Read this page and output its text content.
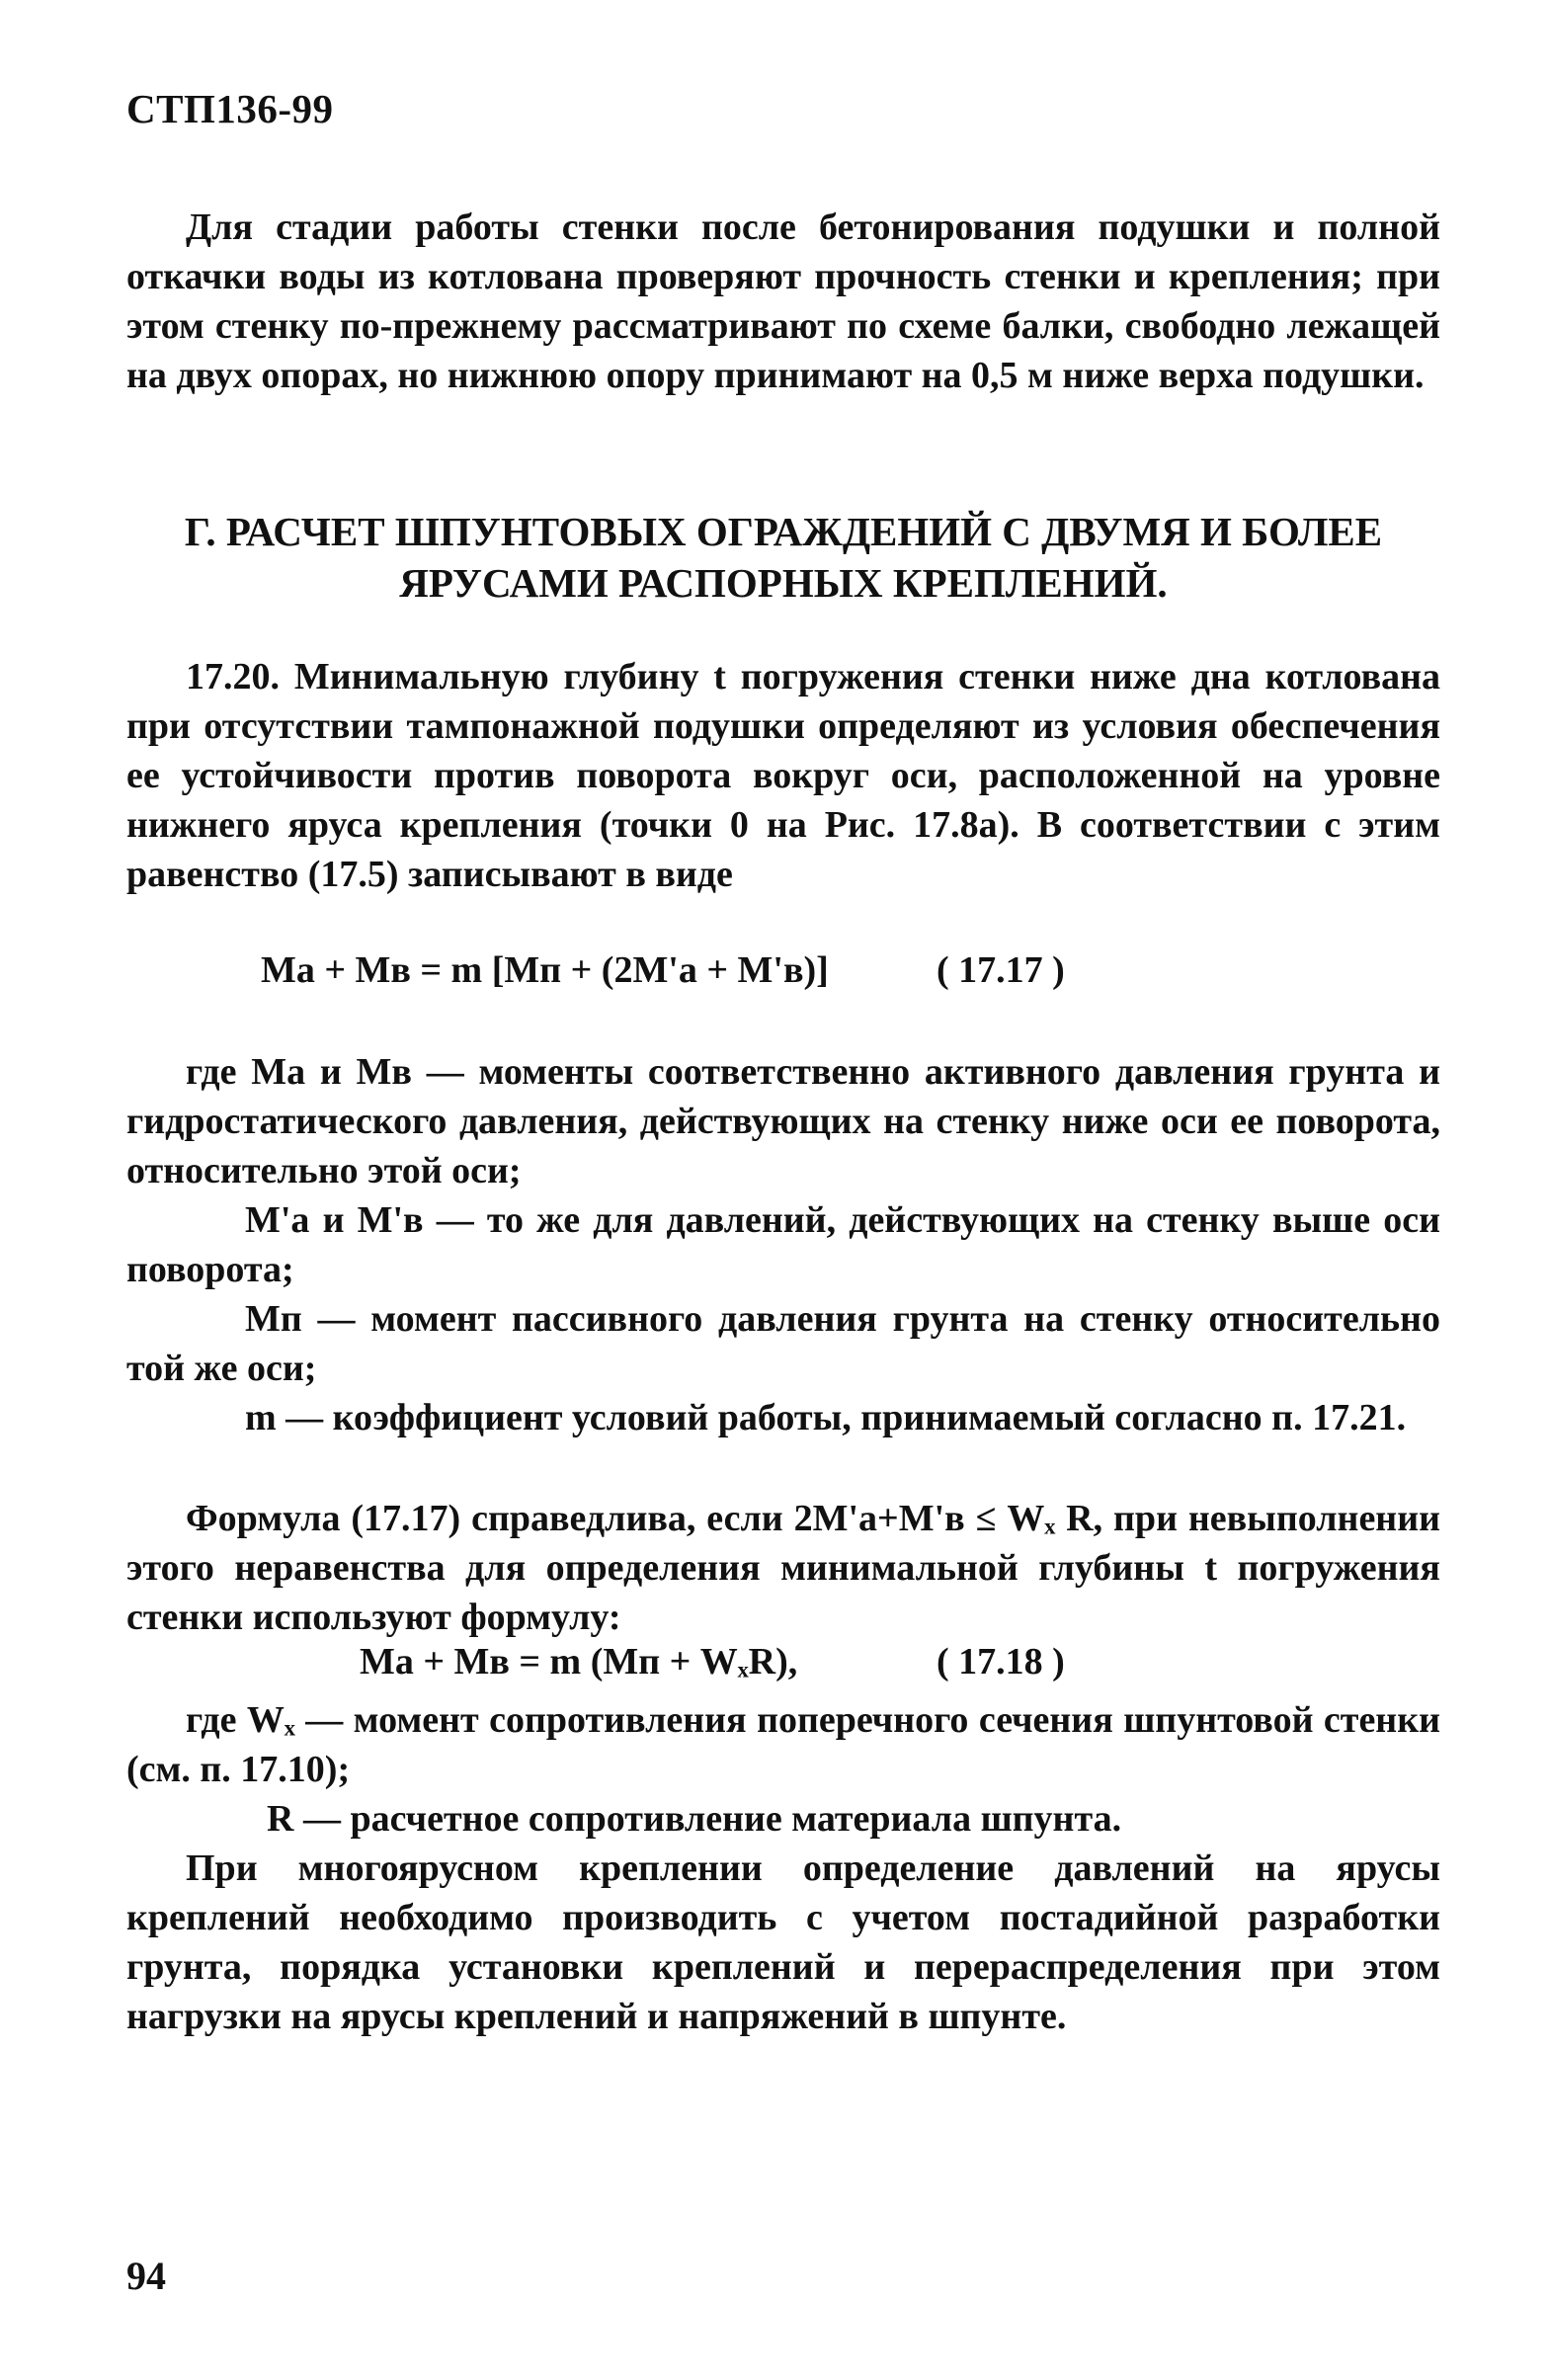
СТП136-99

Для стадии работы стенки после бетонирования подушки и полной откачки воды из котлована проверяют прочность стенки и крепления; при этом стенку по-прежнему рассматривают по схеме балки, свободно лежащей на двух опорах, но нижнюю опору принимают на 0,5 м ниже верха подушки.

Г. РАСЧЕТ ШПУНТОВЫХ ОГРАЖДЕНИЙ С ДВУМЯ И БОЛЕЕ
ЯРУСАМИ РАСПОРНЫХ КРЕПЛЕНИЙ.

17.20. Минимальную глубину t погружения стенки ниже дна котлована при отсутствии тампонажной подушки определяют из условия обеспечения ее устойчивости против поворота вокруг оси, расположенной на уровне нижнего яруса крепления (точки 0 на Рис. 17.8а). В соответствии с этим равенство (17.5) записывают в виде

Ма + Мв = m [Мп + (2М'а + М'в)]	( 17.17 )

где Ма и Мв — моменты соответственно активного давления грунта и гидростатического давления, действующих на стенку ниже оси ее поворота, относительно этой оси;

М'а и М'в — то же для давлений, действующих на стенку выше оси поворота;

Мп — момент пассивного давления грунта на стенку относительно той же оси;

m — коэффициент условий работы, принимаемый согласно п. 17.21.

Формула (17.17) справедлива, если 2М'а+М'в ≤ Wₓ R, при невыполнении этого неравенства для определения минимальной глубины t погружения стенки используют формулу:

Ма + Мв = m (Мп + WₓR),	( 17.18 )

где Wₓ — момент сопротивления поперечного сечения шпунтовой стенки (см. п. 17.10);

R — расчетное сопротивление материала шпунта.

При многоярусном креплении определение давлений на ярусы креплений необходимо производить с учетом постадийной разработки грунта, порядка установки креплений и перераспределения при этом нагрузки на ярусы креплений и напряжений в шпунте.

94
